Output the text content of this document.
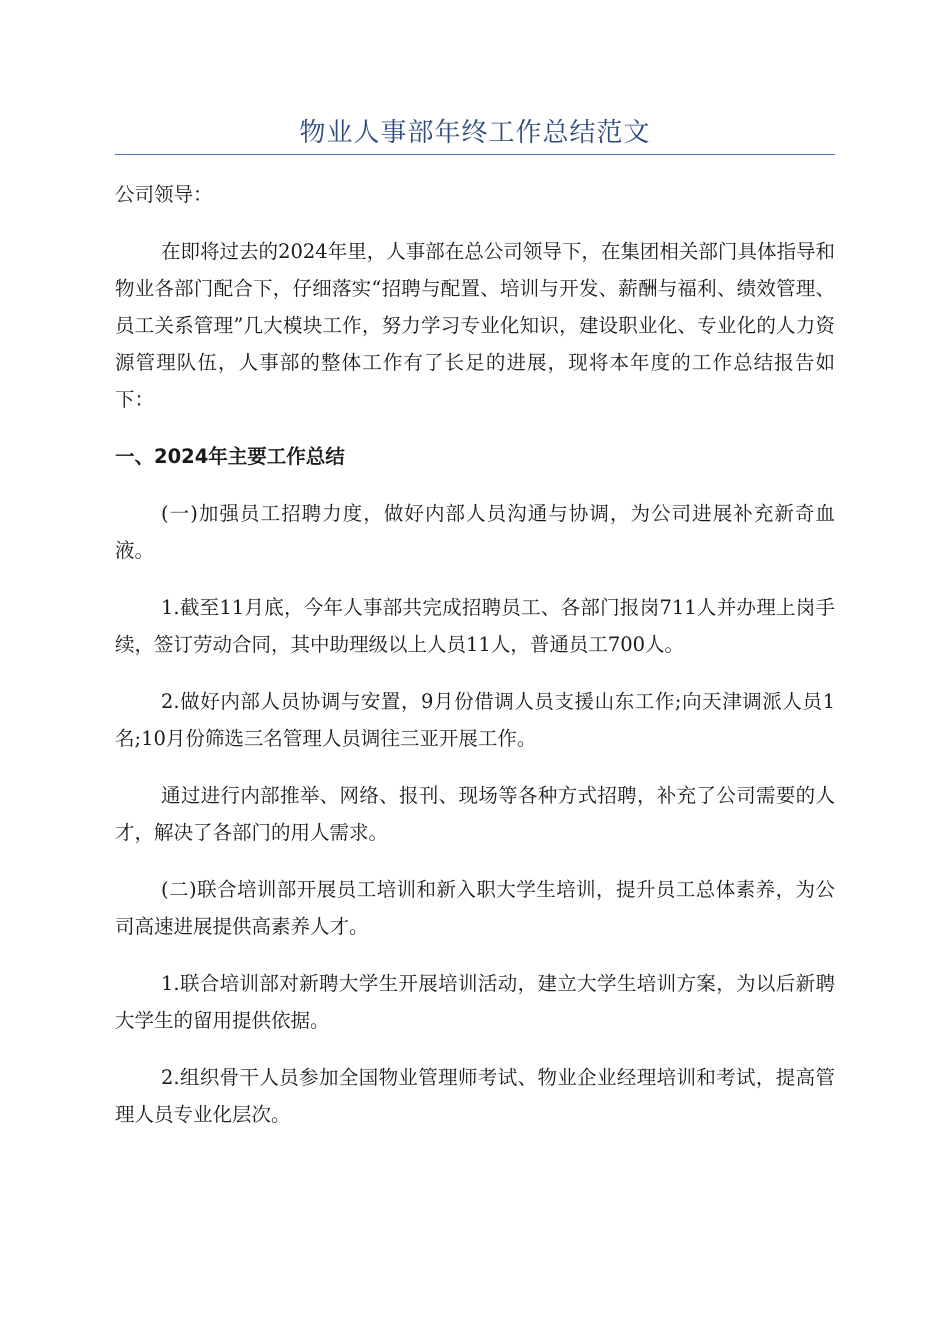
物业人事部年终工作总结范文

公司领导：

在即将过去的2024年里，人事部在总公司领导下，在集团相关部门具体指导和物业各部门配合下，仔细落实“招聘与配置、培训与开发、薪酬与福利、绩效管理、员工关系管理”几大模块工作，努力学习专业化知识，建设职业化、专业化的人力资源管理队伍，人事部的整体工作有了长足的进展，现将本年度的工作总结报告如下：

一、2024年主要工作总结

(一)加强员工招聘力度，做好内部人员沟通与协调，为公司进展补充新奇血液。

1.截至11月底，今年人事部共完成招聘员工、各部门报岗711人并办理上岗手续，签订劳动合同，其中助理级以上人员11人，普通员工700人。

2.做好内部人员协调与安置，9月份借调人员支援山东工作;向天津调派人员1名;10月份筛选三名管理人员调往三亚开展工作。

通过进行内部推举、网络、报刊、现场等各种方式招聘，补充了公司需要的人才，解决了各部门的用人需求。

(二)联合培训部开展员工培训和新入职大学生培训，提升员工总体素养，为公司高速进展提供高素养人才。

1.联合培训部对新聘大学生开展培训活动，建立大学生培训方案，为以后新聘大学生的留用提供依据。

2.组织骨干人员参加全国物业管理师考试、物业企业经理培训和考试，提高管理人员专业化层次。
